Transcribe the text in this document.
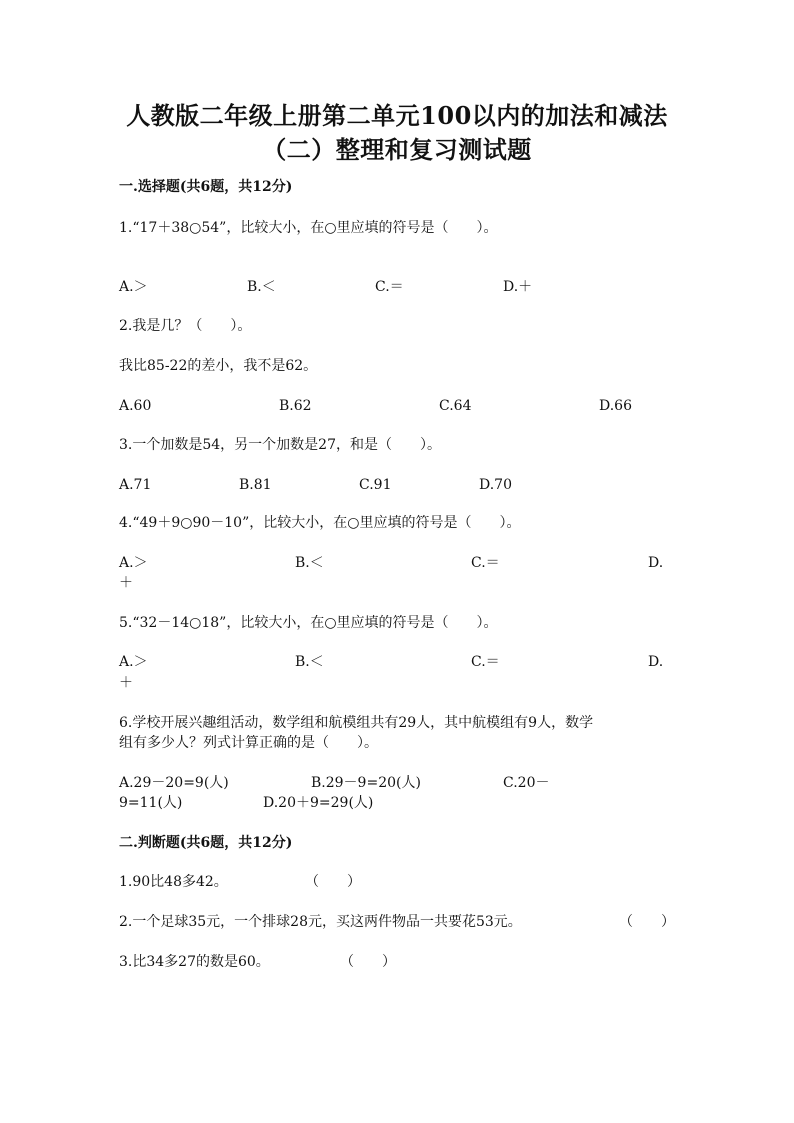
人教版二年级上册第二单元100以内的加法和减法
（二）整理和复习测试题
一.选择题(共6题，共12分)
1.“17＋38○54”，比较大小，在○里应填的符号是（　　）。
A.＞	B.＜	C.＝	D.＋
2.我是几？（　　）。
我比85-22的差小，我不是62。
A.60	B.62	C.64	D.66
3.一个加数是54，另一个加数是27，和是（　　）。
A.71	B.81	C.91	D.70
4.“49＋9○90－10”，比较大小，在○里应填的符号是（　　）。
A.＞	B.＜	C.＝	D.
＋
5.“32－14○18”，比较大小，在○里应填的符号是（　　）。
A.＞	B.＜	C.＝	D.
＋
6.学校开展兴趣组活动，数学组和航模组共有29人，其中航模组有9人，数学
组有多少人？列式计算正确的是（　　）。
A.29－20=9(人)	B.29－9=20(人)	C.20－
9=11(人)	D.20＋9=29(人)
二.判断题(共6题，共12分)
1.90比48多42。	（　　）
2.一个足球35元，一个排球28元，买这两件物品一共要花53元。	（　　）
3.比34多27的数是60。	（　　）
